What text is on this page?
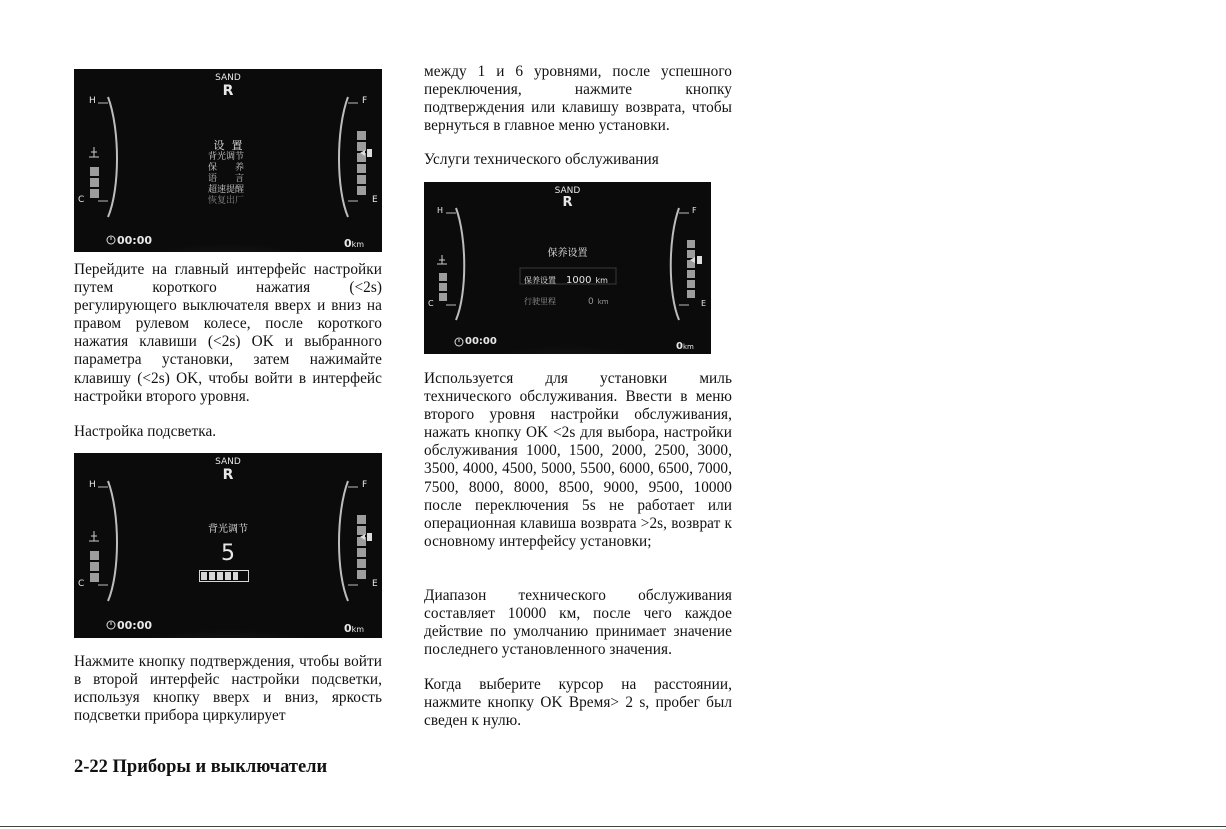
SAND
R
H
C
F
E
设  置
背光调节
保　　养
语　　言
超速提醒
恢复出厂
00:00	0km

Перейдите на главный интерфейс настройки путем короткого нажатия (<2s) регулирующего выключателя вверх и вниз на правом рулевом колесе, после короткого нажатия клавиши (<2s) OK и выбранного параметра установки, затем нажимайте клавишу (<2s) OK, чтобы войти в интерфейс настройки второго уровня.

Настройка подсветка.

SAND
R
H
C
F
E
背光调节
5
00:00	0km

Нажмите кнопку подтверждения, чтобы войти в второй интерфейс настройки подсветки, используя кнопку вверх и вниз, яркость подсветки прибора циркулирует

между 1 и 6 уровнями, после успешного переключения, нажмите кнопку подтверждения или клавишу возврата, чтобы вернуться в главное меню установки.

Услуги технического обслуживания

SAND
R
H
C
F
E
保养设置
保养设置 1000 km
行驶里程	0 km
00:00	0km

Используется для установки миль технического обслуживания. Ввести в меню второго уровня настройки обслуживания, нажать кнопку OK <2s для выбора, настройки обслуживания 1000, 1500, 2000, 2500, 3000, 3500, 4000, 4500, 5000, 5500, 6000, 6500, 7000, 7500, 8000, 8000, 8500, 9000, 9500, 10000 после переключения 5s не работает или операционная клавиша возврата >2s, возврат к основному интерфейсу установки;

Диапазон технического обслуживания составляет 10000 км, после чего каждое действие по умолчанию принимает значение последнего установленного значения.

Когда выберите курсор на расстоянии, нажмите кнопку OK Время> 2 s, пробег был сведен к нулю.

2-22 Приборы и выключатели
